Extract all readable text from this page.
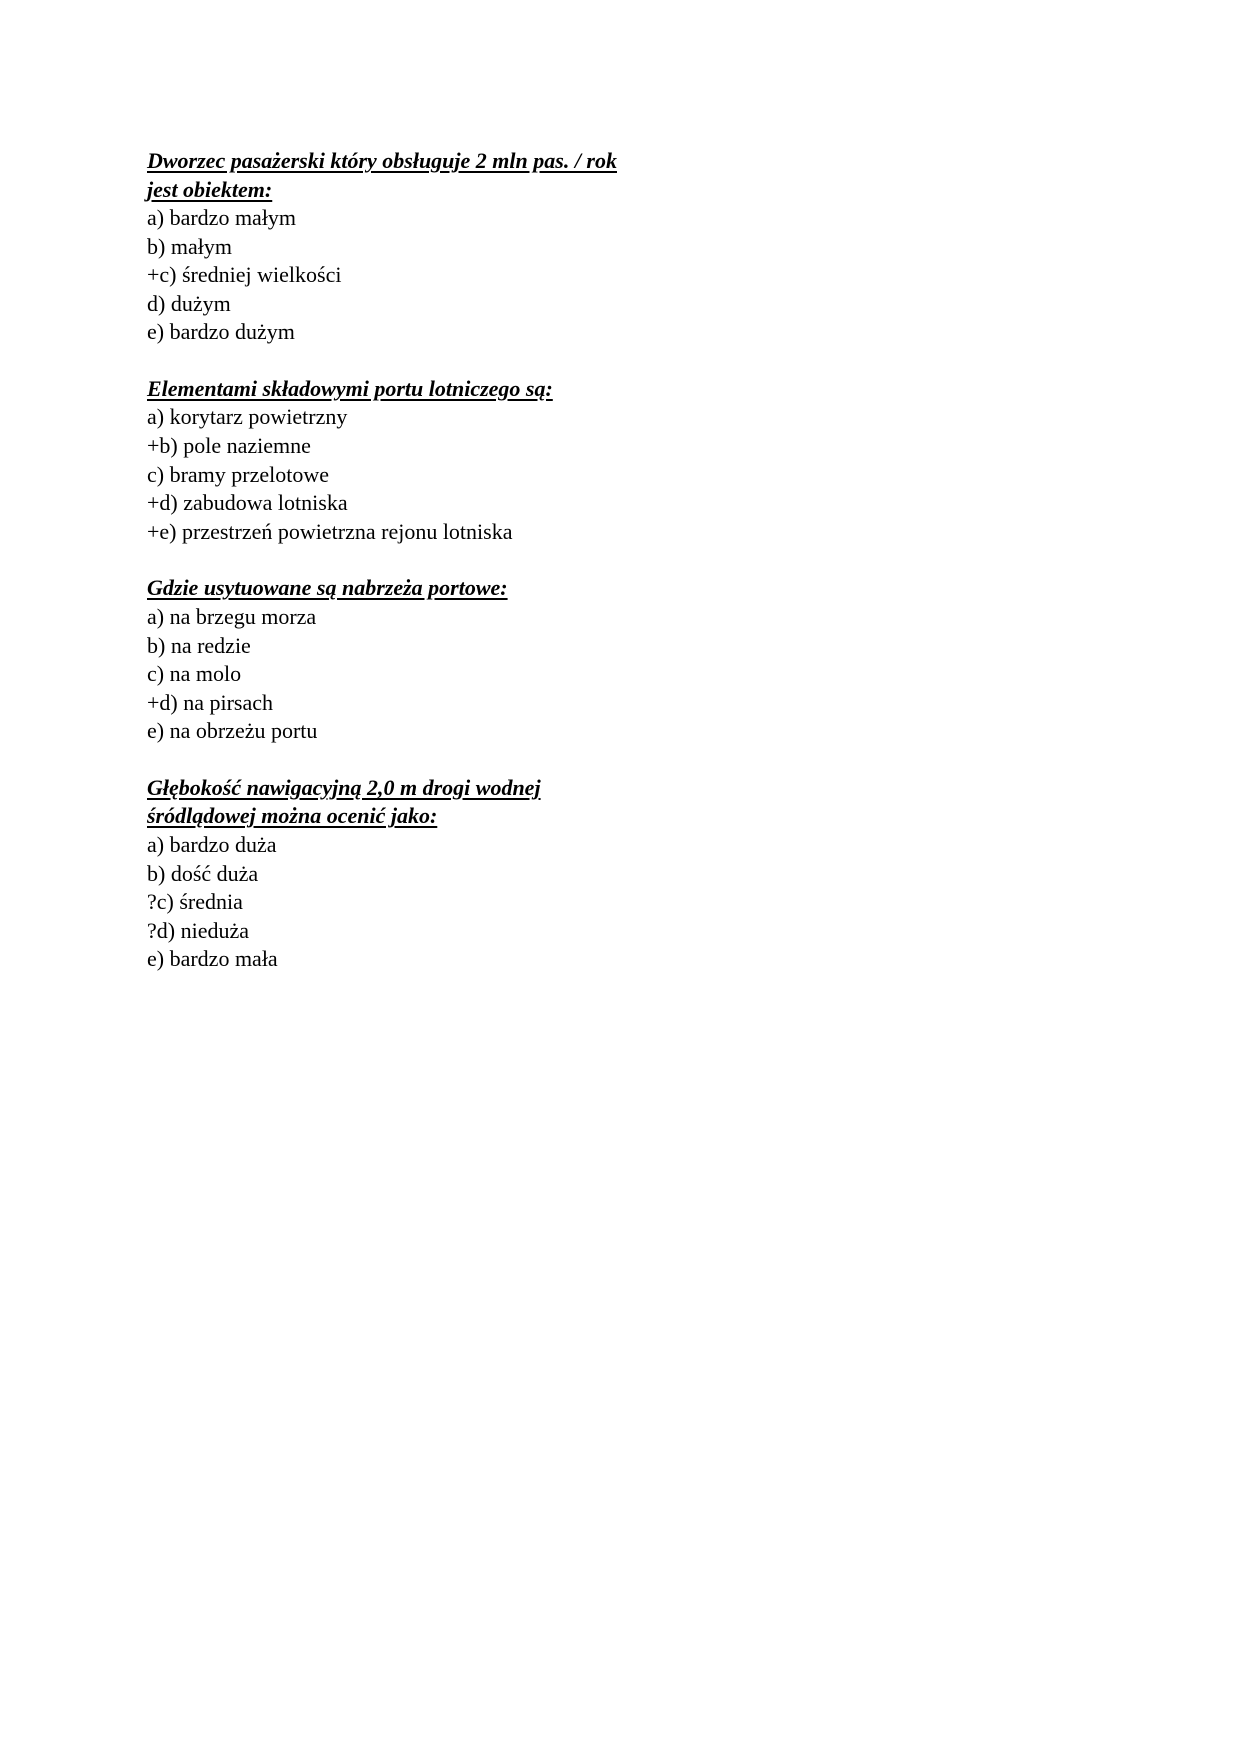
Dworzec pasażerski który obsługuje 2 mln pas. / rok

jest obiektem:

a) bardzo małym
b) małym
+c) średniej wielkości
d) dużym
e) bardzo dużym

Elementami składowymi portu lotniczego są:

a) korytarz powietrzny
+b) pole naziemne
c) bramy przelotowe
+d) zabudowa lotniska
+e) przestrzeń powietrzna rejonu lotniska

Gdzie usytuowane są nabrzeża portowe:

a) na brzegu morza
b) na redzie
c) na molo
+d) na pirsach
e) na obrzeżu portu

Głębokość nawigacyjną 2,0 m drogi wodnej

śródlądowej można ocenić jako:

a) bardzo duża
b) dość duża
?c) średnia
?d) nieduża
e) bardzo mała
